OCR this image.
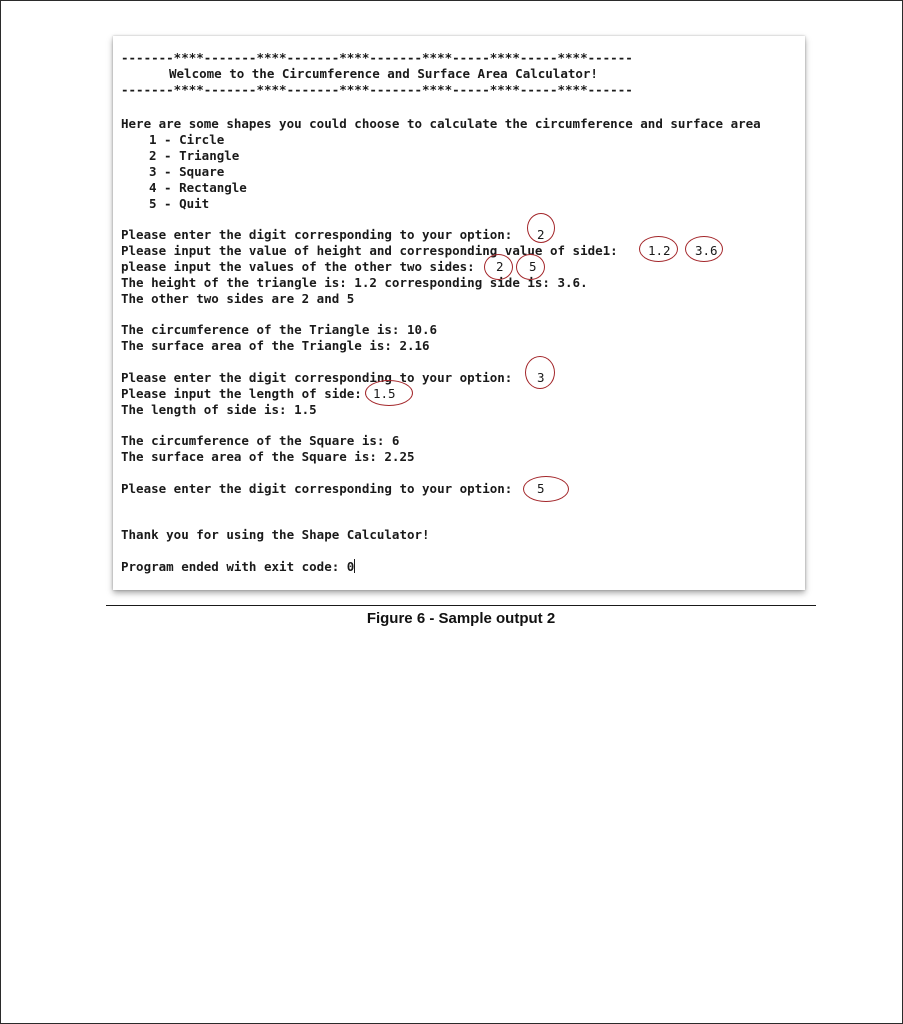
-------****-------****-------****-------****-----****-----****------

Welcome to the Circumference and Surface Area Calculator!

-------****-------****-------****-------****-----****-----****------

Here are some shapes you could choose to calculate the circumference and surface area

1 - Circle

2 - Triangle

3 - Square

4 - Rectangle

5 - Quit

Please enter the digit corresponding to your option:

2

Please input the value of height and corresponding value of side1:

1.2

3.6

please input the values of the other two sides:

2

5

The height of the triangle is: 1.2 corresponding side is: 3.6.

The other two sides are 2 and 5

The circumference of the Triangle is: 10.6

The surface area of the Triangle is: 2.16

Please enter the digit corresponding to your option:

3

Please input the length of side:

1.5

The length of side is: 1.5

The circumference of the Square is: 6

The surface area of the Square is: 2.25

Please enter the digit corresponding to your option:

5

Thank you for using the Shape Calculator!

Program ended with exit code: 0

Figure 6 - Sample output 2
